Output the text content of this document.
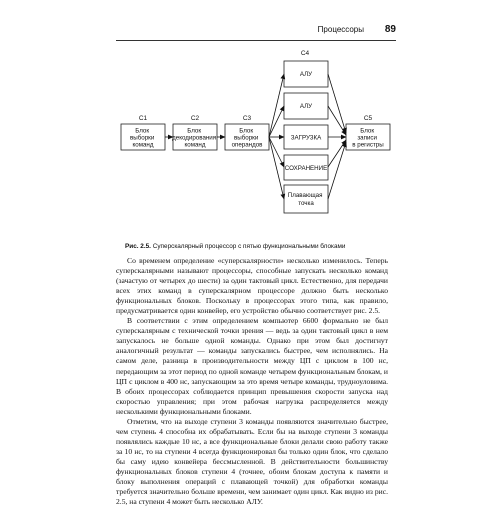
Процессоры 89
C1	C2	C3
C4
C5
Блок выборки команд
Блок декодирования команд
Блок выборки операндов
АЛУ
АЛУ
ЗАГРУЗКА
СОХРАНЕНИЕ
Плавающая точка
Блок записи в регистры
Рис. 2.5. Суперскалярный процессор с пятью функциональными блоками

Со временем определение «суперскалярности» несколько изменилось. Теперь суперскалярными называют процессоры, способные запускать несколько команд (зачастую от четырех до шести) за один тактовый цикл. Естественно, для передачи всех этих команд в суперскалярном процессоре должно быть несколько функциональных блоков. Поскольку в процессорах этого типа, как правило, предусматривается один конвейер, его устройство обычно соответствует рис. 2.5.

В соответствии с этим определением компьютер 6600 формально не был суперскалярным с технической точки зрения — ведь за один тактовый цикл в нем запускалось не больше одной команды. Однако при этом был достигнут аналогичный результат — команды запускались быстрее, чем исполнялись. На самом деле, разница в производительности между ЦП с циклом в 100 нс, передающим за этот период по одной команде четырем функциональным блокам, и ЦП с циклом в 400 нс, запускающим за это время четыре команды, трудноуловима. В обоих процессорах соблюдается принцип превышения скорости запуска над скоростью управления; при этом рабочая нагрузка распределяется между несколькими функциональными блоками.

Отметим, что на выходе ступени 3 команды появляются значительно быстрее, чем ступень 4 способна их обрабатывать. Если бы на выходе ступени 3 команды появлялись каждые 10 нс, а все функциональные блоки делали свою работу также за 10 нс, то на ступени 4 всегда функционировал бы только один блок, что сделало бы саму идею конвейера бессмысленной. В действительности большинству функциональных блоков ступени 4 (точнее, обоим блокам доступа к памяти и блоку выполнения операций с плавающей точкой) для обработки команды требуется значительно больше времени, чем занимает один цикл. Как видно из рис. 2.5, на ступени 4 может быть несколько АЛУ.
